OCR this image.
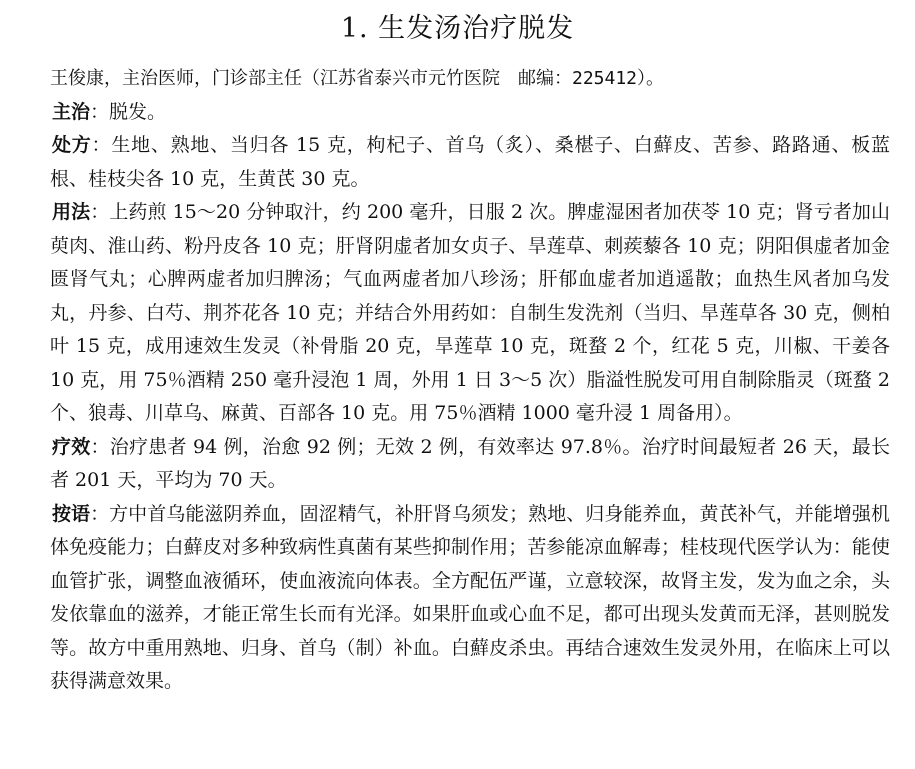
1. 生发汤治疗脱发

王俊康，主治医师，门诊部主任（江苏省泰兴市元竹医院　邮编：225412）。

主治：脱发。

处方：生地、熟地、当归各 15 克，枸杞子、首乌（炙）、桑椹子、白蘚皮、苦参、路路通、板蓝根、桂枝尖各 10 克，生黄芪 30 克。

用法：上药煎 15～20 分钟取汁，约 200 毫升，日服 2 次。脾虚湿困者加茯苓 10 克；肾亏者加山萸肉、淮山药、粉丹皮各 10 克；肝肾阴虚者加女贞子、旱莲草、刺蒺藜各 10 克；阴阳俱虚者加金匮肾气丸；心脾两虚者加归脾汤；气血两虚者加八珍汤；肝郁血虚者加逍遥散；血热生风者加乌发丸，丹参、白芍、荆芥花各 10 克；并结合外用药如：自制生发洗剂（当归、旱莲草各 30 克，侧柏叶 15 克，成用速效生发灵（补骨脂 20 克，旱莲草 10 克，斑蝥 2 个，红花 5 克，川椒、干姜各 10 克，用 75％酒精 250 毫升浸泡 1 周，外用 1 日 3～5 次）脂溢性脱发可用自制除脂灵（斑蝥 2 个、狼毒、川草乌、麻黄、百部各 10 克。用 75％酒精 1000 毫升浸 1 周备用）。

疗效：治疗患者 94 例，治愈 92 例；无效 2 例，有效率达 97.8％。治疗时间最短者 26 天，最长者 201 天，平均为 70 天。

按语：方中首乌能滋阴养血，固涩精气，补肝肾乌须发；熟地、归身能养血，黄芪补气，并能增强机体免疫能力；白蘚皮对多种致病性真菌有某些抑制作用；苦参能凉血解毒；桂枝现代医学认为：能使血管扩张，调整血液循环，使血液流向体表。全方配伍严谨，立意较深，故肾主发，发为血之余，头发依靠血的滋养，才能正常生长而有光泽。如果肝血或心血不足，都可出现头发黄而无泽，甚则脱发等。故方中重用熟地、归身、首乌（制）补血。白蘚皮杀虫。再结合速效生发灵外用，在临床上可以获得满意效果。
